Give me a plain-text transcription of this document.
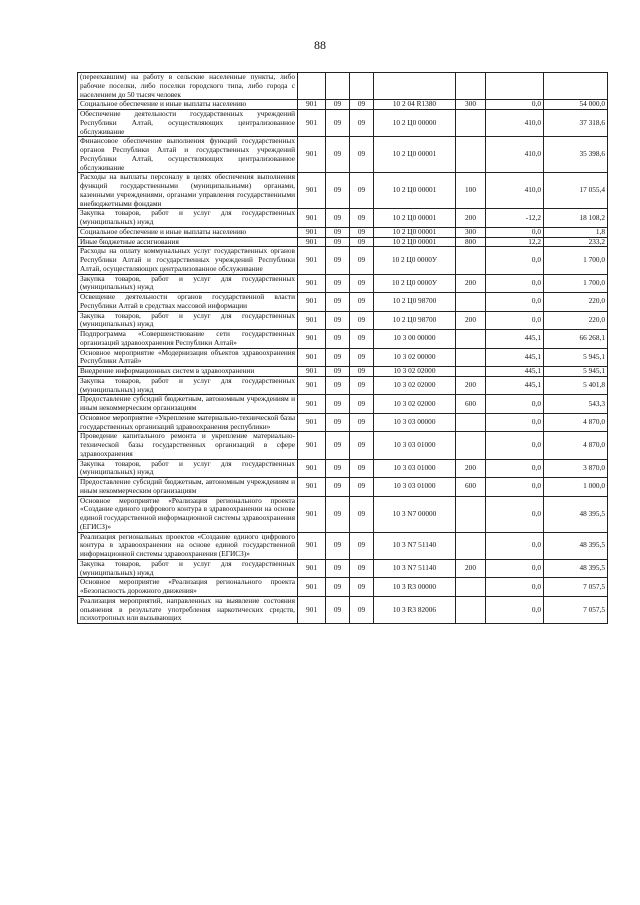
88
(переехавшим) на работу в сельские населенные пункты, либо рабочие поселки, либо поселки городского типа, либо города с населением до 50 тысяч человек							
Социальное обеспечение и иные выплаты населению	901	09	09	10 2 04 R1380	300	0,0	54 000,0
Обеспечение деятельности государственных учреждений Республики Алтай, осуществляющих централизованное обслуживание	901	09	09	10 2 Ц0 00000		410,0	37 318,6
Финансовое обеспечение выполнения функций государственных органов Республики Алтай и государственных учреждений Республики Алтай, осуществляющих централизованное обслуживание	901	09	09	10 2 Ц0 00001		410,0	35 398,6
Расходы на выплаты персоналу в целях обеспечения выполнения функций государственными (муниципальными) органами, казенными учреждениями, органами управления государственными внебюджетными фондами	901	09	09	10 2 Ц0 00001	100	410,0	17 055,4
Закупка товаров, работ и услуг для государственных (муниципальных) нужд	901	09	09	10 2 Ц0 00001	200	-12,2	18 108,2
Социальное обеспечение и иные выплаты населению	901	09	09	10 2 Ц0 00001	300	0,0	1,8
Иные бюджетные ассигнования	901	09	09	10 2 Ц0 00001	800	12,2	233,2
Расходы на оплату коммунальных услуг государственных органов Республики Алтай и государственных учреждений Республики Алтай, осуществляющих централизованное обслуживание	901	09	09	10 2 Ц0 0000У		0,0	1 700,0
Закупка товаров, работ и услуг для государственных (муниципальных) нужд	901	09	09	10 2 Ц0 0000У	200	0,0	1 700,0
Освещение деятельности органов государственной власти Республики Алтай в средствах массовой информации	901	09	09	10 2 Ц0 98700		0,0	220,0
Закупка товаров, работ и услуг для государственных (муниципальных) нужд	901	09	09	10 2 Ц0 98700	200	0,0	220,0
Подпрограмма «Совершенствование сети государственных организаций здравоохранения Республики Алтай»	901	09	09	10 3 00 00000		445,1	66 268,1
Основное мероприятие «Модернизация объектов здравоохранения Республики Алтай»	901	09	09	10 3 02 00000		445,1	5 945,1
Внедрение информационных систем в здравоохранении	901	09	09	10 3 02 02000		445,1	5 945,1
Закупка товаров, работ и услуг для государственных (муниципальных) нужд	901	09	09	10 3 02 02000	200	445,1	5 401,8
Предоставление субсидий бюджетным, автономным учреждениям и иным некоммерческим организациям	901	09	09	10 3 02 02000	600	0,0	543,3
Основное мероприятие «Укрепление материально-технической базы государственных организаций здравоохранения республики»	901	09	09	10 3 03 00000		0,0	4 870,0
Проведение капитального ремонта и укрепление материально-технической базы государственных организаций в сфере здравоохранения	901	09	09	10 3 03 01000		0,0	4 870,0
Закупка товаров, работ и услуг для государственных (муниципальных) нужд	901	09	09	10 3 03 01000	200	0,0	3 870,0
Предоставление субсидий бюджетным, автономным учреждениям и иным некоммерческим организациям	901	09	09	10 3 03 01000	600	0,0	1 000,0
Основное мероприятие «Реализация регионального проекта «Создание единого цифрового контура в здравоохранении на основе единой государственной информационной системы здравоохранения (ЕГИСЗ)»	901	09	09	10 3 N7 00000		0,0	48 395,5
Реализация региональных проектов «Создание единого цифрового контура в здравоохранении на основе единой государственной информационной системы здравоохранения (ЕГИСЗ)»	901	09	09	10 3 N7 51140		0,0	48 395,5
Закупка товаров, работ и услуг для государственных (муниципальных) нужд	901	09	09	10 3 N7 51140	200	0,0	48 395,5
Основное мероприятие «Реализация регионального проекта «Безопасность дорожного движения»	901	09	09	10 3 R3 00000		0,0	7 057,5
Реализация мероприятий, направленных на выявление состояния опьянения в результате употребления наркотических средств, психотропных или вызывающих	901	09	09	10 3 R3 82006		0,0	7 057,5
